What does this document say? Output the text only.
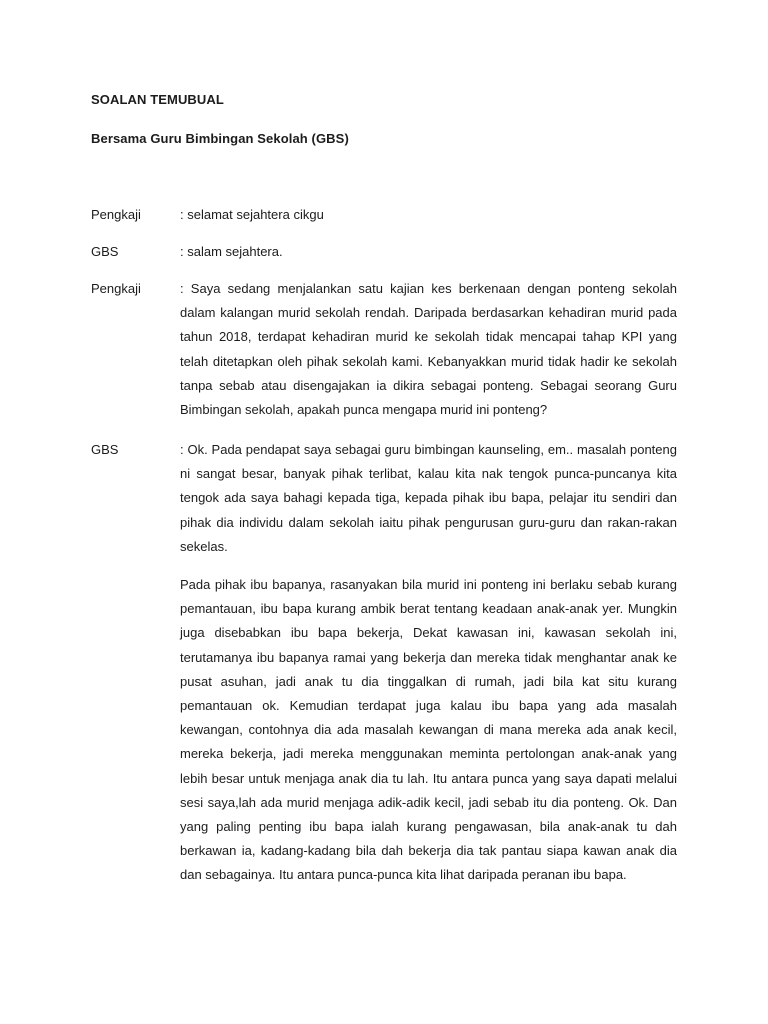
SOALAN TEMUBUAL
Bersama Guru Bimbingan Sekolah (GBS)
Pengkaji	: selamat sejahtera cikgu

GBS	: salam sejahtera.

Pengkaji	: Saya sedang menjalankan satu kajian kes berkenaan dengan ponteng sekolah dalam kalangan murid sekolah rendah. Daripada berdasarkan kehadiran murid pada tahun 2018, terdapat kehadiran murid ke sekolah tidak mencapai tahap KPI yang telah ditetapkan oleh pihak sekolah kami. Kebanyakkan murid tidak hadir ke sekolah tanpa sebab atau disengajakan ia dikira sebagai ponteng. Sebagai seorang Guru Bimbingan sekolah, apakah punca mengapa murid ini ponteng?

GBS	: Ok. Pada pendapat saya sebagai guru bimbingan kaunseling, em.. masalah ponteng ni sangat besar, banyak pihak terlibat, kalau kita nak tengok punca-puncanya kita tengok ada saya bahagi kepada tiga, kepada pihak ibu bapa, pelajar itu sendiri dan pihak dia individu dalam sekolah iaitu pihak pengurusan guru-guru dan rakan-rakan sekelas.

Pada pihak ibu bapanya, rasanyakan bila murid ini ponteng ini berlaku sebab kurang pemantauan, ibu bapa kurang ambik berat tentang keadaan anak-anak yer. Mungkin juga disebabkan ibu bapa bekerja, Dekat kawasan ini, kawasan sekolah ini, terutamanya ibu bapanya ramai yang bekerja dan mereka tidak menghantar anak ke pusat asuhan, jadi anak tu dia tinggalkan di rumah, jadi bila kat situ kurang pemantauan ok. Kemudian terdapat juga kalau ibu bapa yang ada masalah kewangan, contohnya dia ada masalah kewangan di mana mereka ada anak kecil, mereka bekerja, jadi mereka menggunakan meminta pertolongan anak-anak yang lebih besar untuk menjaga anak dia tu lah. Itu antara punca yang saya dapati melalui sesi saya,lah ada murid menjaga adik-adik kecil, jadi sebab itu dia ponteng. Ok. Dan yang paling penting ibu bapa ialah kurang pengawasan, bila anak-anak tu dah berkawan ia, kadang-kadang bila dah bekerja dia tak pantau siapa kawan anak dia dan sebagainya. Itu antara punca-punca kita lihat daripada peranan ibu bapa.
